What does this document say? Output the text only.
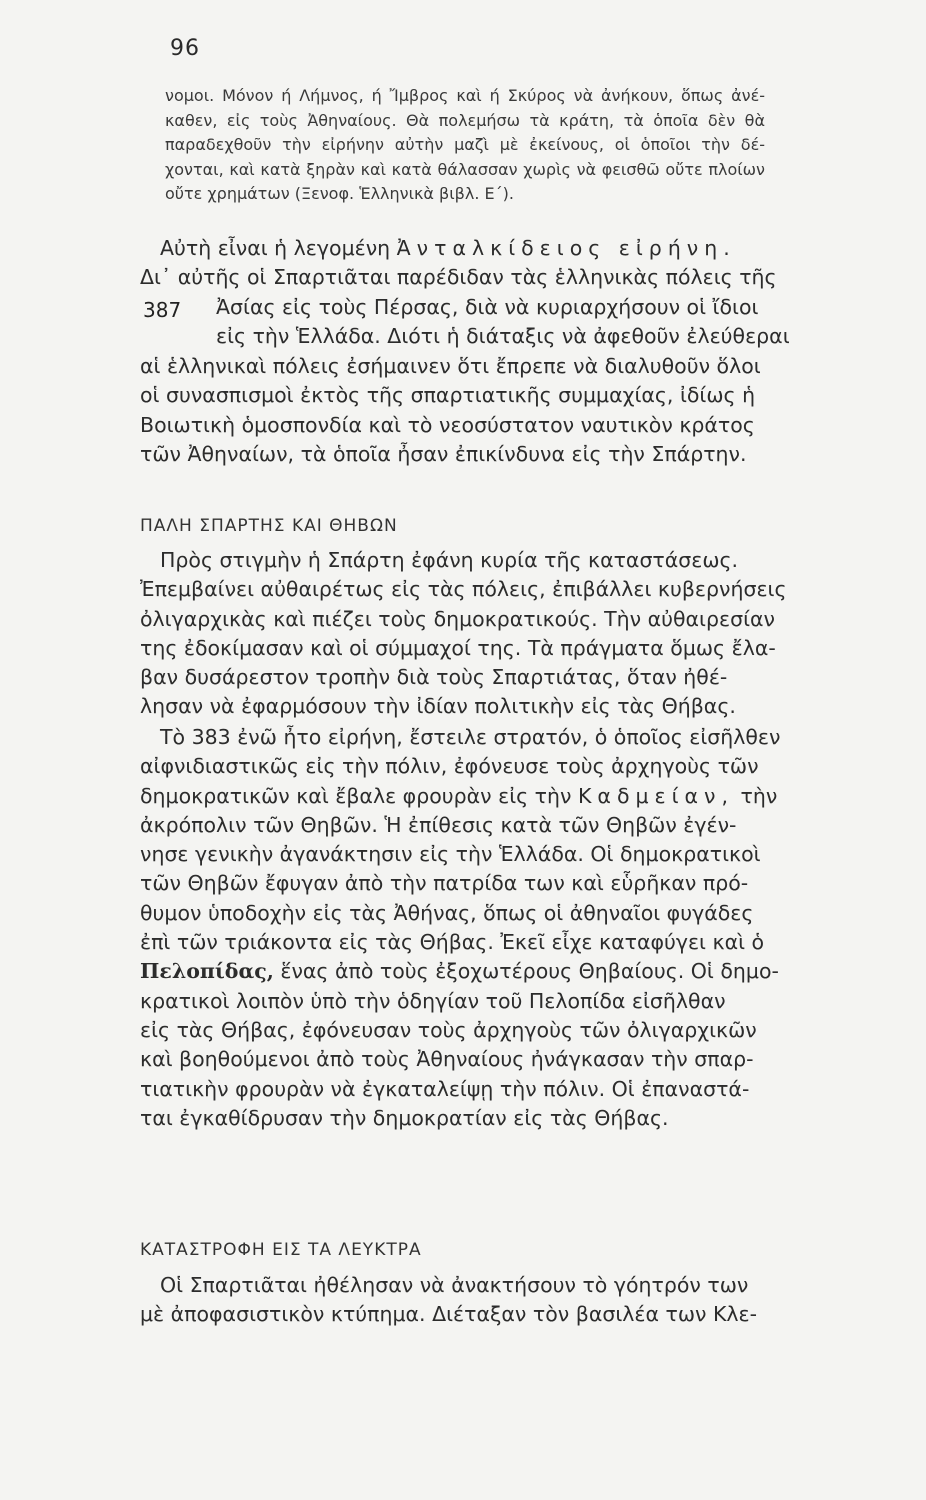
96
νομοι. Μόνον ή Λήμνος, ή Ἴμβρος καὶ ή Σκύρος νὰ ἀνήκουν, ὅπως ἀνέ-
καθεν, εἰς τοὺς Ἀθηναίους. Θὰ πολεμήσω τὰ κράτη, τὰ ὁποῖα δὲν θὰ
παραδεχθοῦν τὴν εἰρήνην αὐτὴν μαζὶ μὲ ἐκείνους, οἱ ὁποῖοι τὴν δέ-
χονται, καὶ κατὰ ξηρὰν καὶ κατὰ θάλασσαν χωρὶς νὰ φεισθῶ οὔτε πλοίων
οὔτε χρημάτων (Ξενοφ. Ἑλληνικὰ βιβλ. Ε΄).
Αὐτὴ εἶναι ἡ λεγομένη Ἀνταλκίδειος εἰρήνη.
Δι᾽ αὐτῆς οἱ Σπαρτιᾶται παρέδιδαν τὰς ἑλληνικὰς πόλεις τῆς
387 Ἀσίας εἰς τοὺς Πέρσας, διὰ νὰ κυριαρχήσουν οἱ ἴδιοι
εἰς τὴν Ἑλλάδα. Διότι ἡ διάταξις νὰ ἀφεθοῦν ἐλεύθεραι
αἱ ἑλληνικαὶ πόλεις ἐσήμαινεν ὅτι ἔπρεπε νὰ διαλυθοῦν ὅλοι
οἱ συνασπισμοὶ ἐκτὸς τῆς σπαρτιατικῆς συμμαχίας, ἰδίως ἡ
Βοιωτικὴ ὁμοσπονδία καὶ τὸ νεοσύστατον ναυτικὸν κράτος
τῶν Ἀθηναίων, τὰ ὁποῖα ἦσαν ἐπικίνδυνα εἰς τὴν Σπάρτην.
ΠΑΛΗ ΣΠΑΡΤΗΣ ΚΑΙ ΘΗΒΩΝ
Πρὸς στιγμὴν ἡ Σπάρτη ἐφάνη κυρία τῆς καταστάσεως.
Ἐπεμβαίνει αὐθαιρέτως εἰς τὰς πόλεις, ἐπιβάλλει κυβερνήσεις
ὀλιγαρχικὰς καὶ πιέζει τοὺς δημοκρατικούς. Τὴν αὐθαιρεσίαν
της ἐδοκίμασαν καὶ οἱ σύμμαχοί της. Τὰ πράγματα ὅμως ἔλα-
βαν δυσάρεστον τροπὴν διὰ τοὺς Σπαρτιάτας, ὅταν ἠθέ-
λησαν νὰ ἐφαρμόσουν τὴν ἰδίαν πολιτικὴν εἰς τὰς Θήβας.
Τὸ 383 ἐνῶ ἦτο εἰρήνη, ἔστειλε στρατόν, ὁ ὁποῖος εἰσῆλθεν
αἰφνιδιαστικῶς εἰς τὴν πόλιν, ἐφόνευσε τοὺς ἀρχηγοὺς τῶν
δημοκρατικῶν καὶ ἔβαλε φρουρὰν εἰς τὴν Καδμείαν, τὴν
ἀκρόπολιν τῶν Θηβῶν. Ἡ ἐπίθεσις κατὰ τῶν Θηβῶν ἐγέν-
νησε γενικὴν ἀγανάκτησιν εἰς τὴν Ἑλλάδα. Οἱ δημοκρατικοὶ
τῶν Θηβῶν ἔφυγαν ἀπὸ τὴν πατρίδα των καὶ εὗρῆκαν πρό-
θυμον ὑποδοχὴν εἰς τὰς Ἀθήνας, ὅπως οἱ ἀθηναῖοι φυγάδες
ἐπὶ τῶν τριάκοντα εἰς τὰς Θήβας. Ἐκεῖ εἶχε καταφύγει καὶ ὁ
Πελοπίδας, ἕνας ἀπὸ τοὺς ἐξοχωτέρους Θηβαίους. Οἱ δημο-
κρατικοὶ λοιπὸν ὑπὸ τὴν ὁδηγίαν τοῦ Πελοπίδα εἰσῆλθαν
εἰς τὰς Θήβας, ἐφόνευσαν τοὺς ἀρχηγοὺς τῶν ὀλιγαρχικῶν
καὶ βοηθούμενοι ἀπὸ τοὺς Ἀθηναίους ἠνάγκασαν τὴν σπαρ-
τιατικὴν φρουρὰν νὰ ἐγκαταλείψῃ τὴν πόλιν. Οἱ ἐπαναστά-
ται ἐγκαθίδρυσαν τὴν δημοκρατίαν εἰς τὰς Θήβας.
ΚΑΤΑΣΤΡΟΦΗ ΕΙΣ ΤΑ ΛΕΥΚΤΡΑ
Οἱ Σπαρτιᾶται ἠθέλησαν νὰ ἀνακτήσουν τὸ γόητρόν των
μὲ ἀποφασιστικὸν κτύπημα. Διέταξαν τὸν βασιλέα των Κλε-
